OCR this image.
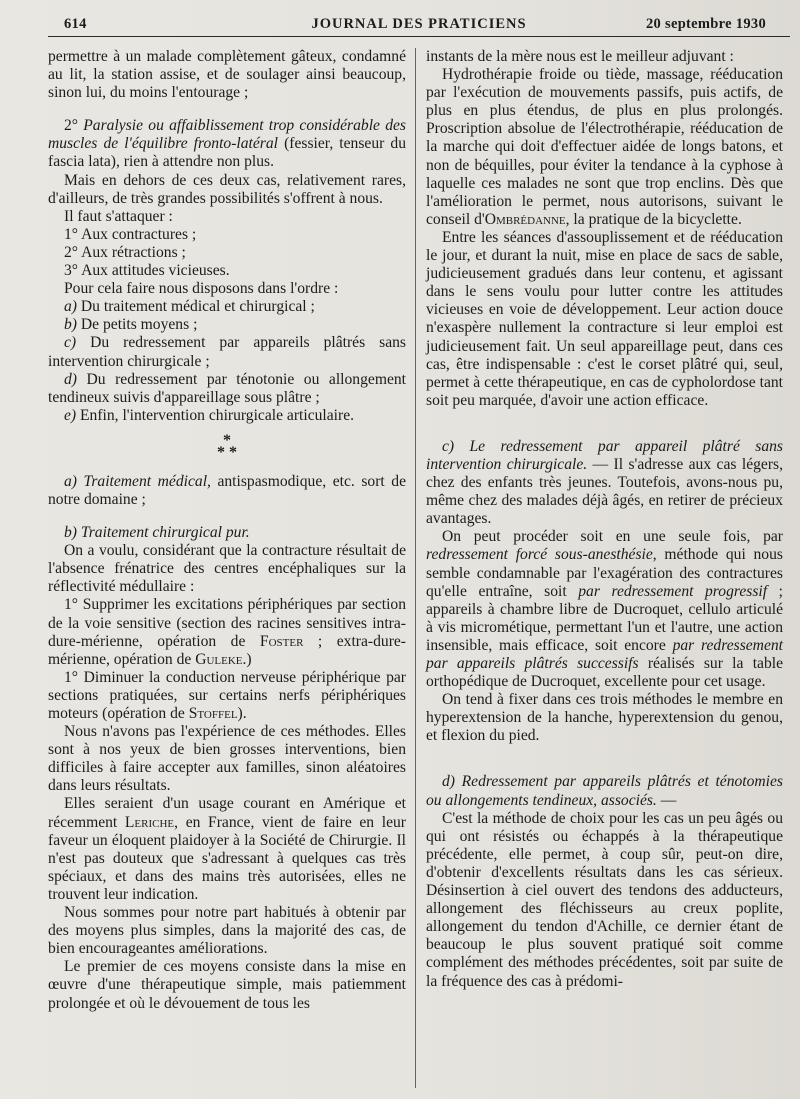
614	JOURNAL DES PRATICIENS	20 septembre 1930

permettre à un malade complètement gâteux, condamné au lit, la station assise, et de soulager ainsi beaucoup, sinon lui, du moins l'entourage ;

2° Paralysie ou affaiblissement trop considérable des muscles de l'équilibre fronto-latéral (fessier, tenseur du fascia lata), rien à attendre non plus.

Mais en dehors de ces deux cas, relativement rares, d'ailleurs, de très grandes possibilités s'offrent à nous.

Il faut s'attaquer :

1° Aux contractures ;

2° Aux rétractions ;

3° Aux attitudes vicieuses.

Pour cela faire nous disposons dans l'ordre :

a) Du traitement médical et chirurgical ;

b) De petits moyens ;

c) Du redressement par appareils plâtrés sans intervention chirurgicale ;

d) Du redressement par ténotonie ou allongement tendineux suivis d'appareillage sous plâtre ;

e) Enfin, l'intervention chirurgicale articulaire.

*
* *

a) Traitement médical, antispasmodique, etc. sort de notre domaine ;

b) Traitement chirurgical pur.

On a voulu, considérant que la contracture résultait de l'absence frénatrice des centres encéphaliques sur la réflectivité médullaire :

1° Supprimer les excitations périphériques par section de la voie sensitive (section des racines sensitives intra-dure-mérienne, opération de Foster ; extra-dure-mérienne, opération de Guleke.)

1° Diminuer la conduction nerveuse périphérique par sections pratiquées, sur certains nerfs périphériques moteurs (opération de Stoffel).

Nous n'avons pas l'expérience de ces méthodes. Elles sont à nos yeux de bien grosses interventions, bien difficiles à faire accepter aux familles, sinon aléatoires dans leurs résultats.

Elles seraient d'un usage courant en Amérique et récemment Leriche, en France, vient de faire en leur faveur un éloquent plaidoyer à la Société de Chirurgie. Il n'est pas douteux que s'adressant à quelques cas très spéciaux, et dans des mains très autorisées, elles ne trouvent leur indication.

Nous sommes pour notre part habitués à obtenir par des moyens plus simples, dans la majorité des cas, de bien encourageantes améliorations.

Le premier de ces moyens consiste dans la mise en œuvre d'une thérapeutique simple, mais patiemment prolongée et où le dévouement de tous les

instants de la mère nous est le meilleur adjuvant :

Hydrothérapie froide ou tiède, massage, rééducation par l'exécution de mouvements passifs, puis actifs, de plus en plus étendus, de plus en plus prolongés. Proscription absolue de l'électrothérapie, rééducation de la marche qui doit d'effectuer aidée de longs batons, et non de béquilles, pour éviter la tendance à la cyphose à laquelle ces malades ne sont que trop enclins. Dès que l'amélioration le permet, nous autorisons, suivant le conseil d'Ombrédanne, la pratique de la bicyclette.

Entre les séances d'assouplissement et de rééducation le jour, et durant la nuit, mise en place de sacs de sable, judicieusement gradués dans leur contenu, et agissant dans le sens voulu pour lutter contre les attitudes vicieuses en voie de développement. Leur action douce n'exaspère nullement la contracture si leur emploi est judicieusement fait. Un seul appareillage peut, dans ces cas, être indispensable : c'est le corset plâtré qui, seul, permet à cette thérapeutique, en cas de cypholordose tant soit peu marquée, d'avoir une action efficace.

c) Le redressement par appareil plâtré sans intervention chirurgicale. — Il s'adresse aux cas légers, chez des enfants très jeunes. Toutefois, avons-nous pu, même chez des malades déjà âgés, en retirer de précieux avantages.

On peut procéder soit en une seule fois, par redressement forcé sous-anesthésie, méthode qui nous semble condamnable par l'exagération des contractures qu'elle entraîne, soit par redressement progressif ; appareils à chambre libre de Ducroquet, cellulo articulé à vis micrométique, permettant l'un et l'autre, une action insensible, mais efficace, soit encore par redressement par appareils plâtrés successifs réalisés sur la table orthopédique de Ducroquet, excellente pour cet usage.

On tend à fixer dans ces trois méthodes le membre en hyperextension de la hanche, hyperextension du genou, et flexion du pied.

d) Redressement par appareils plâtrés et ténotomies ou allongements tendineux, associés. —

C'est la méthode de choix pour les cas un peu âgés ou qui ont résistés ou échappés à la thérapeutique précédente, elle permet, à coup sûr, peut-on dire, d'obtenir d'excellents résultats dans les cas sérieux. Désinsertion à ciel ouvert des tendons des adducteurs, allongement des fléchisseurs au creux poplite, allongement du tendon d'Achille, ce dernier étant de beaucoup le plus souvent pratiqué soit comme complément des méthodes précédentes, soit par suite de la fréquence des cas à prédomi-
